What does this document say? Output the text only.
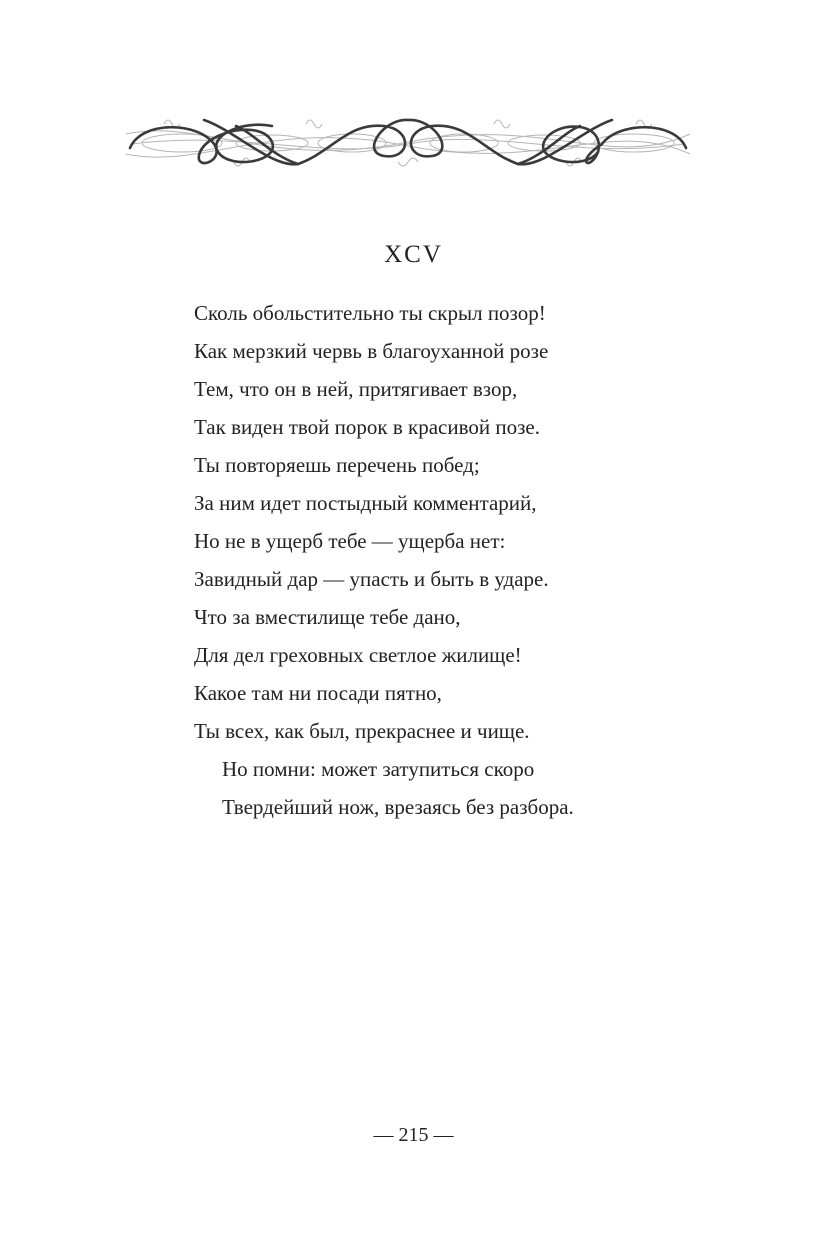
XCV
Сколь обольстительно ты скрыл позор!
Как мерзкий червь в благоуханной розе
Тем, что он в ней, притягивает взор,
Так виден твой порок в красивой позе.
Ты повторяешь перечень побед;
За ним идет постыдный комментарий,
Но не в ущерб тебе — ущерба нет:
Завидный дар — упасть и быть в ударе.
Что за вместилище тебе дано,
Для дел греховных светлое жилище!
Какое там ни посади пятно,
Ты всех, как был, прекраснее и чище.
Но помни: может затупиться скоро
Твердейший нож, врезаясь без разбора.
— 215 —
